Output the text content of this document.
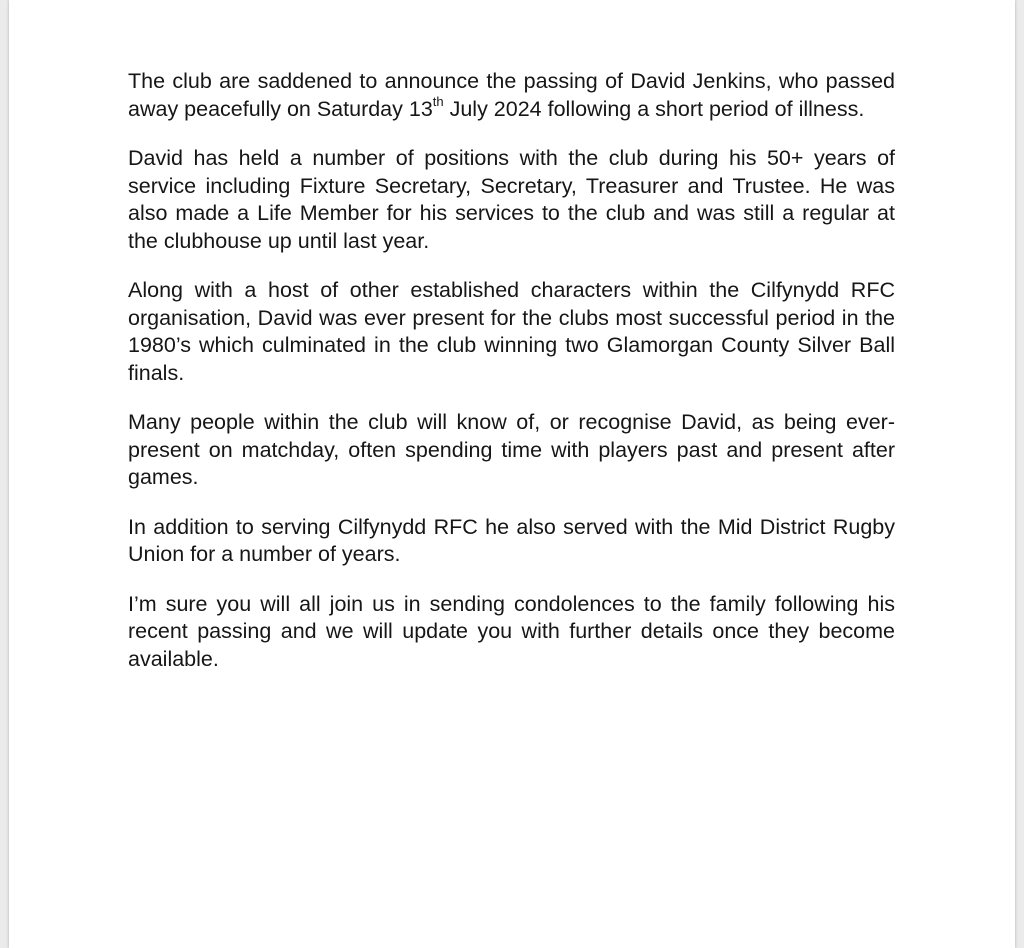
The club are saddened to announce the passing of David Jenkins, who passed away peacefully on Saturday 13th July 2024 following a short period of illness.

David has held a number of positions with the club during his 50+ years of service including Fixture Secretary, Secretary, Treasurer and Trustee. He was also made a Life Member for his services to the club and was still a regular at the clubhouse up until last year.

Along with a host of other established characters within the Cilfynydd RFC organisation, David was ever present for the clubs most successful period in the 1980’s which culminated in the club winning two Glamorgan County Silver Ball finals.

Many people within the club will know of, or recognise David, as being ever-present on matchday, often spending time with players past and present after games.

In addition to serving Cilfynydd RFC he also served with the Mid District Rugby Union for a number of years.

I’m sure you will all join us in sending condolences to the family following his recent passing and we will update you with further details once they become available.
